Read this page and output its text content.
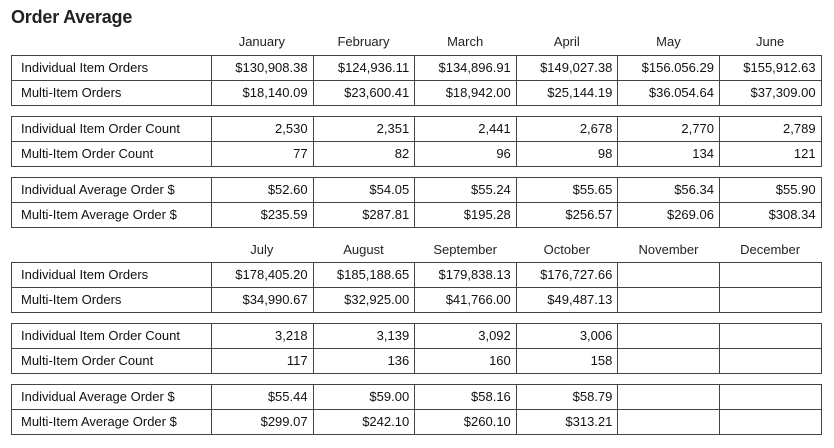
Order Average
January	February	March	April	May	June
Individual Item Orders	$130,908.38	$124,936.11	$134,896.91	$149,027.38	$156.056.29	$155,912.63
Multi-Item Orders	$18,140.09	$23,600.41	$18,942.00	$25,144.19	$36.054.64	$37,309.00
Individual Item Order Count	2,530	2,351	2,441	2,678	2,770	2,789
Multi-Item Order Count	77	82	96	98	134	121
Individual Average Order $	$52.60	$54.05	$55.24	$55.65	$56.34	$55.90
Multi-Item Average Order $	$235.59	$287.81	$195.28	$256.57	$269.06	$308.34
July	August	September	October	November	December
Individual Item Orders	$178,405.20	$185,188.65	$179,838.13	$176,727.66		
Multi-Item Orders	$34,990.67	$32,925.00	$41,766.00	$49,487.13		
Individual Item Order Count	3,218	3,139	3,092	3,006		
Multi-Item Order Count	117	136	160	158		
Individual Average Order $	$55.44	$59.00	$58.16	$58.79		
Multi-Item Average Order $	$299.07	$242.10	$260.10	$313.21		
